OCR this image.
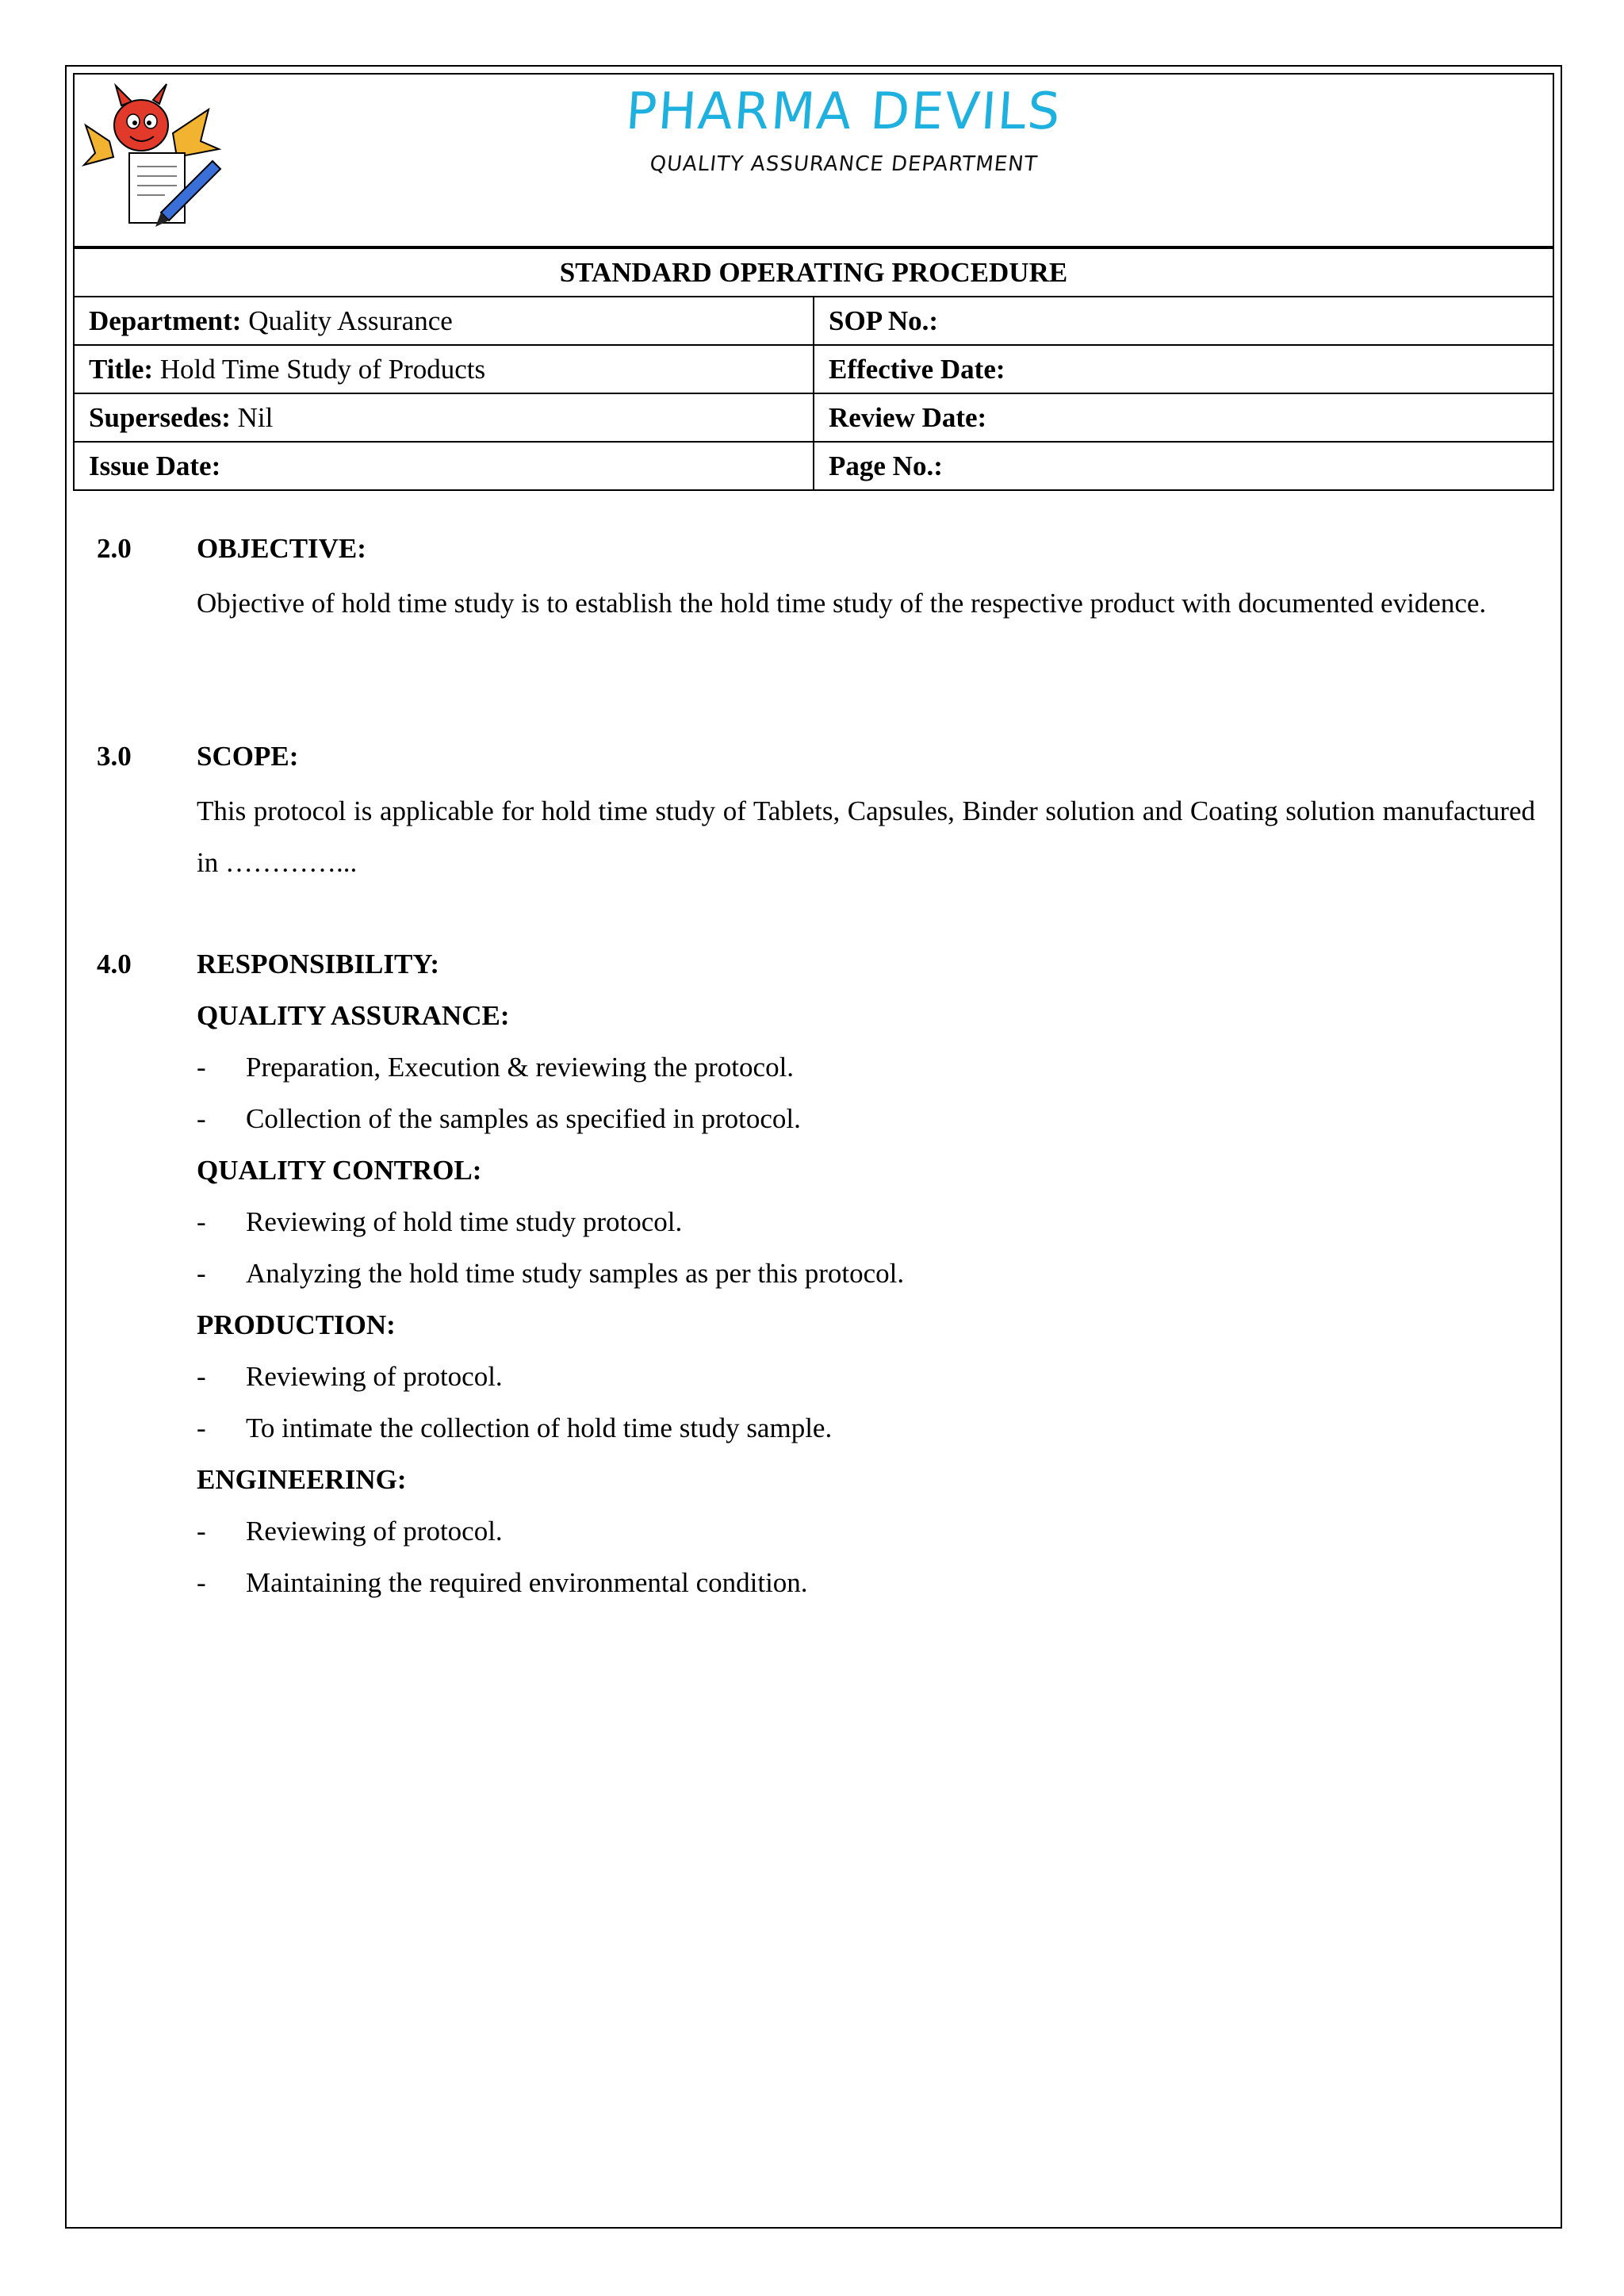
PHARMA DEVILS
QUALITY ASSURANCE DEPARTMENT
STANDARD OPERATING PROCEDURE	
Department: Quality Assurance	SOP No.:
Title: Hold Time Study of Products	Effective Date:
Supersedes: Nil	Review Date:
Issue Date:	Page No.:
2.0 OBJECTIVE:
Objective of hold time study is to establish the hold time study of the respective product with documented evidence.
3.0 SCOPE:
This protocol is applicable for hold time study of Tablets, Capsules, Binder solution and Coating solution manufactured in …………...
4.0 RESPONSIBILITY:
QUALITY ASSURANCE:
- Preparation, Execution & reviewing the protocol.
- Collection of the samples as specified in protocol.
QUALITY CONTROL:
- Reviewing of hold time study protocol.
- Analyzing the hold time study samples as per this protocol.
PRODUCTION:
- Reviewing of protocol.
- To intimate the collection of hold time study sample.
ENGINEERING:
- Reviewing of protocol.
- Maintaining the required environmental condition.
